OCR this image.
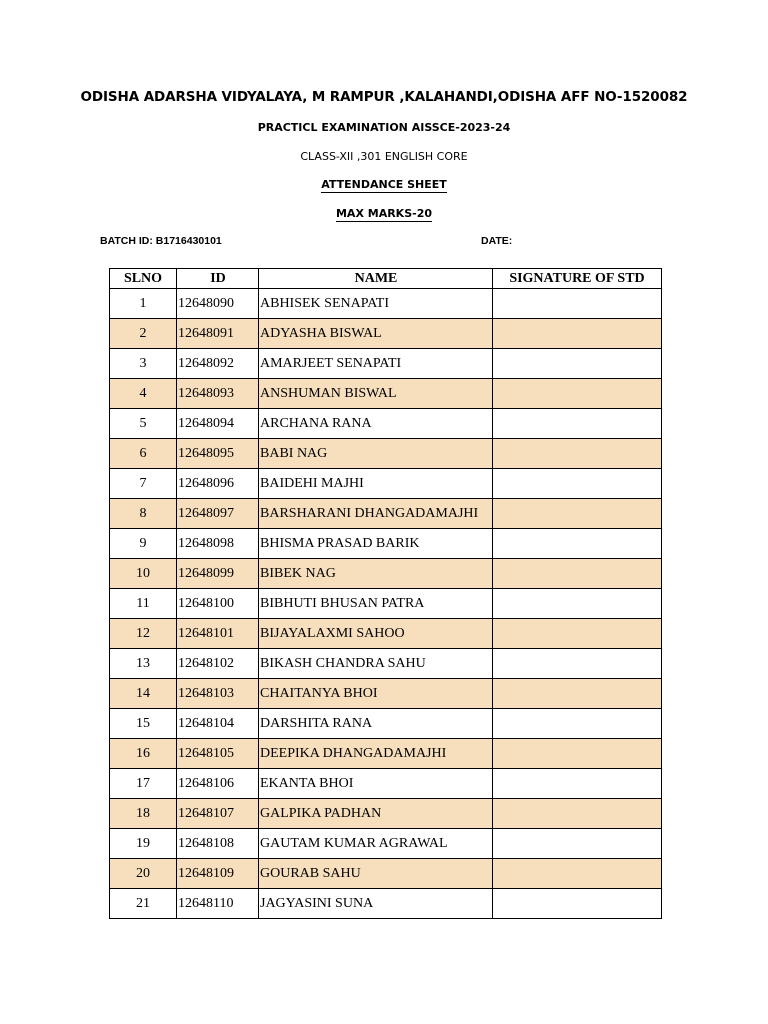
ODISHA ADARSHA VIDYALAYA, M RAMPUR ,KALAHANDI,ODISHA AFF NO-1520082
PRACTICL EXAMINATION AISSCE-2023-24
CLASS-XII ,301 ENGLISH CORE
ATTENDANCE SHEET
MAX MARKS-20
BATCH ID: B1716430101	DATE:
SLNO	ID	NAME	SIGNATURE OF STD
1	12648090	ABHISEK SENAPATI	
2	12648091	ADYASHA BISWAL	
3	12648092	AMARJEET SENAPATI	
4	12648093	ANSHUMAN BISWAL	
5	12648094	ARCHANA RANA	
6	12648095	BABI NAG	
7	12648096	BAIDEHI MAJHI	
8	12648097	BARSHARANI DHANGADAMAJHI	
9	12648098	BHISMA PRASAD BARIK	
10	12648099	BIBEK NAG	
11	12648100	BIBHUTI BHUSAN PATRA	
12	12648101	BIJAYALAXMI SAHOO	
13	12648102	BIKASH CHANDRA SAHU	
14	12648103	CHAITANYA BHOI	
15	12648104	DARSHITA RANA	
16	12648105	DEEPIKA DHANGADAMAJHI	
17	12648106	EKANTA BHOI	
18	12648107	GALPIKA PADHAN	
19	12648108	GAUTAM KUMAR AGRAWAL	
20	12648109	GOURAB SAHU	
21	12648110	JAGYASINI SUNA	
